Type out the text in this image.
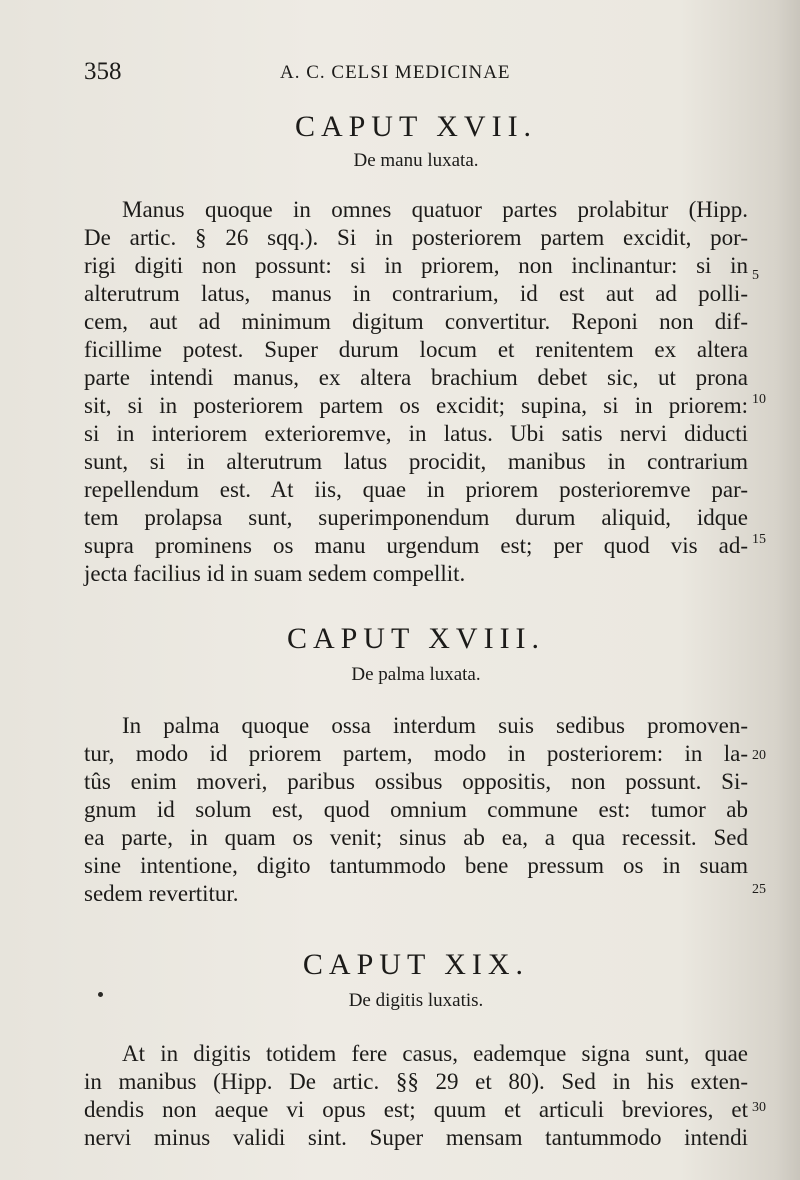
358	A. C. CELSI MEDICINAE
CAPUT XVII.
De manu luxata.
Manus quoque in omnes quatuor partes prolabitur (Hipp.
De artic. § 26 sqq.). Si in posteriorem partem excidit, por-
rigi digiti non possunt: si in priorem, non inclinantur: si in
alterutrum latus, manus in contrarium, id est aut ad polli-
cem, aut ad minimum digitum convertitur. Reponi non dif-
ficillime potest. Super durum locum et renitentem ex altera
parte intendi manus, ex altera brachium debet sic, ut prona
sit, si in posteriorem partem os excidit; supina, si in priorem:
si in interiorem exterioremve, in latus. Ubi satis nervi diducti
sunt, si in alterutrum latus procidit, manibus in contrarium
repellendum est. At iis, quae in priorem posterioremve par-
tem prolapsa sunt, superimponendum durum aliquid, idque
supra prominens os manu urgendum est; per quod vis ad-
jecta facilius id in suam sedem compellit.
CAPUT XVIII.
De palma luxata.
In palma quoque ossa interdum suis sedibus promoven-
tur, modo id priorem partem, modo in posteriorem: in la-
tûs enim moveri, paribus ossibus oppositis, non possunt. Si-
gnum id solum est, quod omnium commune est: tumor ab
ea parte, in quam os venit; sinus ab ea, a qua recessit. Sed
sine intentione, digito tantummodo bene pressum os in suam
sedem revertitur.
CAPUT XIX.
De digitis luxatis.
At in digitis totidem fere casus, eademque signa sunt, quae
in manibus (Hipp. De artic. §§ 29 et 80). Sed in his exten-
dendis non aeque vi opus est; quum et articuli breviores, et
nervi minus validi sint. Super mensam tantummodo intendi
5
10
15
20
25
30
